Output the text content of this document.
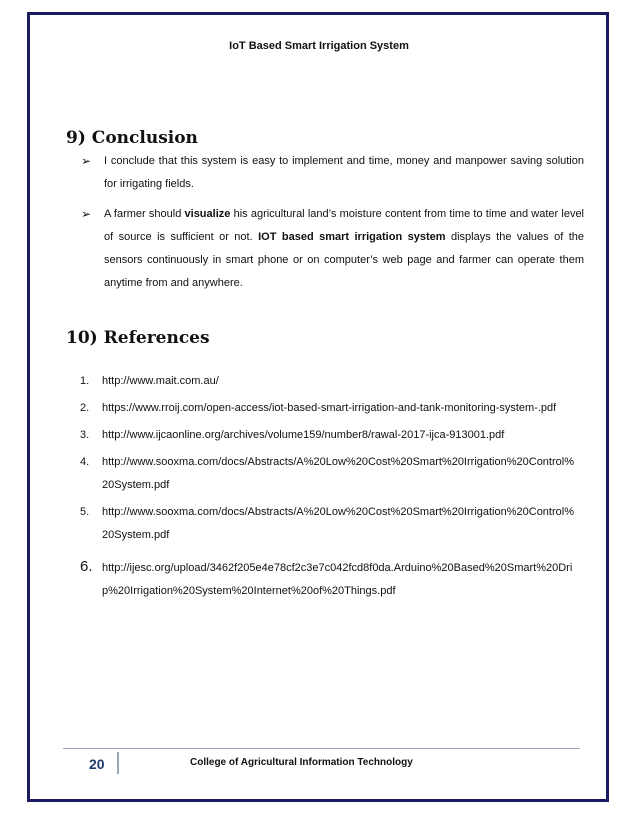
IoT Based Smart Irrigation System
9) Conclusion
➢	I conclude that this system is easy to implement and time, money and manpower saving solution for irrigating fields.
➢	A farmer should visualize his agricultural land’s moisture content from time to time and water level of source is sufficient or not. IOT based smart irrigation system displays the values of the sensors continuously in smart phone or on computer’s web page and farmer can operate them anytime from and anywhere.
10) References
1. http://www.mait.com.au/
2. https://www.rroij.com/open-access/iot-based-smart-irrigation-and-tank-monitoring-system-.pdf
3. http://www.ijcaonline.org/archives/volume159/number8/rawal-2017-ijca-913001.pdf
4. http://www.sooxma.com/docs/Abstracts/A%20Low%20Cost%20Smart%20Irrigation%20Control%20System.pdf
5. http://www.sooxma.com/docs/Abstracts/A%20Low%20Cost%20Smart%20Irrigation%20Control%20System.pdf
6. http://ijesc.org/upload/3462f205e4e78cf2c3e7c042fcd8f0da.Arduino%20Based%20Smart%20Drip%20Irrigation%20System%20Internet%20of%20Things.pdf
20	College of Agricultural Information Technology
